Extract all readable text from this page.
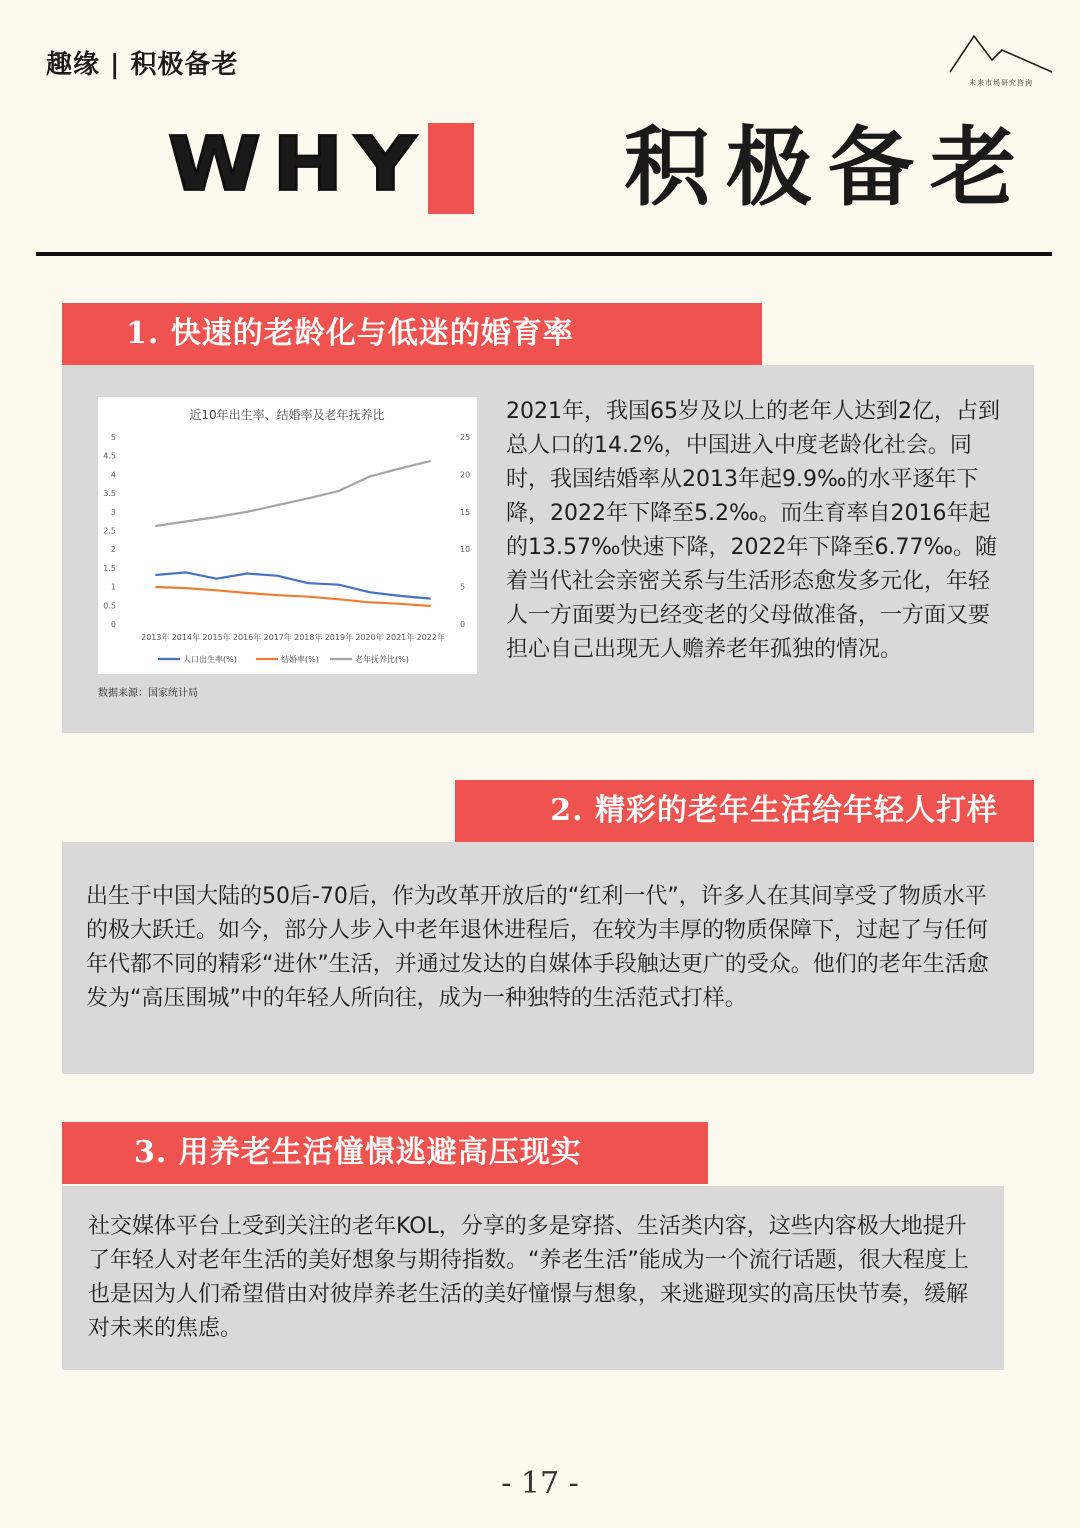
趣缘 | 积极备老
未来市场研究咨询
WHY 积极备老
1. 快速的老龄化与低迷的婚育率
近10年出生率、结婚率及老年抚养比
0
0.5
1
1.5
2
2.5
3
3.5
4
4.5
5
0
5
10
15
20
25
2013年 2014年 2015年 2016年 2017年 2018年 2019年 2020年 2021年 2022年
人口出生率(%)	结婚率(%)	老年抚养比(%)
数据来源：国家统计局
2021年，我国65岁及以上的老年人达到2亿，占到总人口的14.2%，中国进入中度老龄化社会。同时，我国结婚率从2013年起9.9‰的水平逐年下降，2022年下降至5.2‰。而生育率自2016年起的13.57‰快速下降，2022年下降至6.77‰。随着当代社会亲密关系与生活形态愈发多元化，年轻人一方面要为已经变老的父母做准备，一方面又要担心自己出现无人赡养老年孤独的情况。
2. 精彩的老年生活给年轻人打样
出生于中国大陆的50后-70后，作为改革开放后的“红利一代”，许多人在其间享受了物质水平的极大跃迁。如今，部分人步入中老年退休进程后，在较为丰厚的物质保障下，过起了与任何年代都不同的精彩“进休”生活，并通过发达的自媒体手段触达更广的受众。他们的老年生活愈发为“高压围城”中的年轻人所向往，成为一种独特的生活范式打样。
3. 用养老生活憧憬逃避高压现实
社交媒体平台上受到关注的老年KOL，分享的多是穿搭、生活类内容，这些内容极大地提升了年轻人对老年生活的美好想象与期待指数。“养老生活”能成为一个流行话题，很大程度上也是因为人们希望借由对彼岸养老生活的美好憧憬与想象，来逃避现实的高压快节奏，缓解对未来的焦虑。
- 17 -
